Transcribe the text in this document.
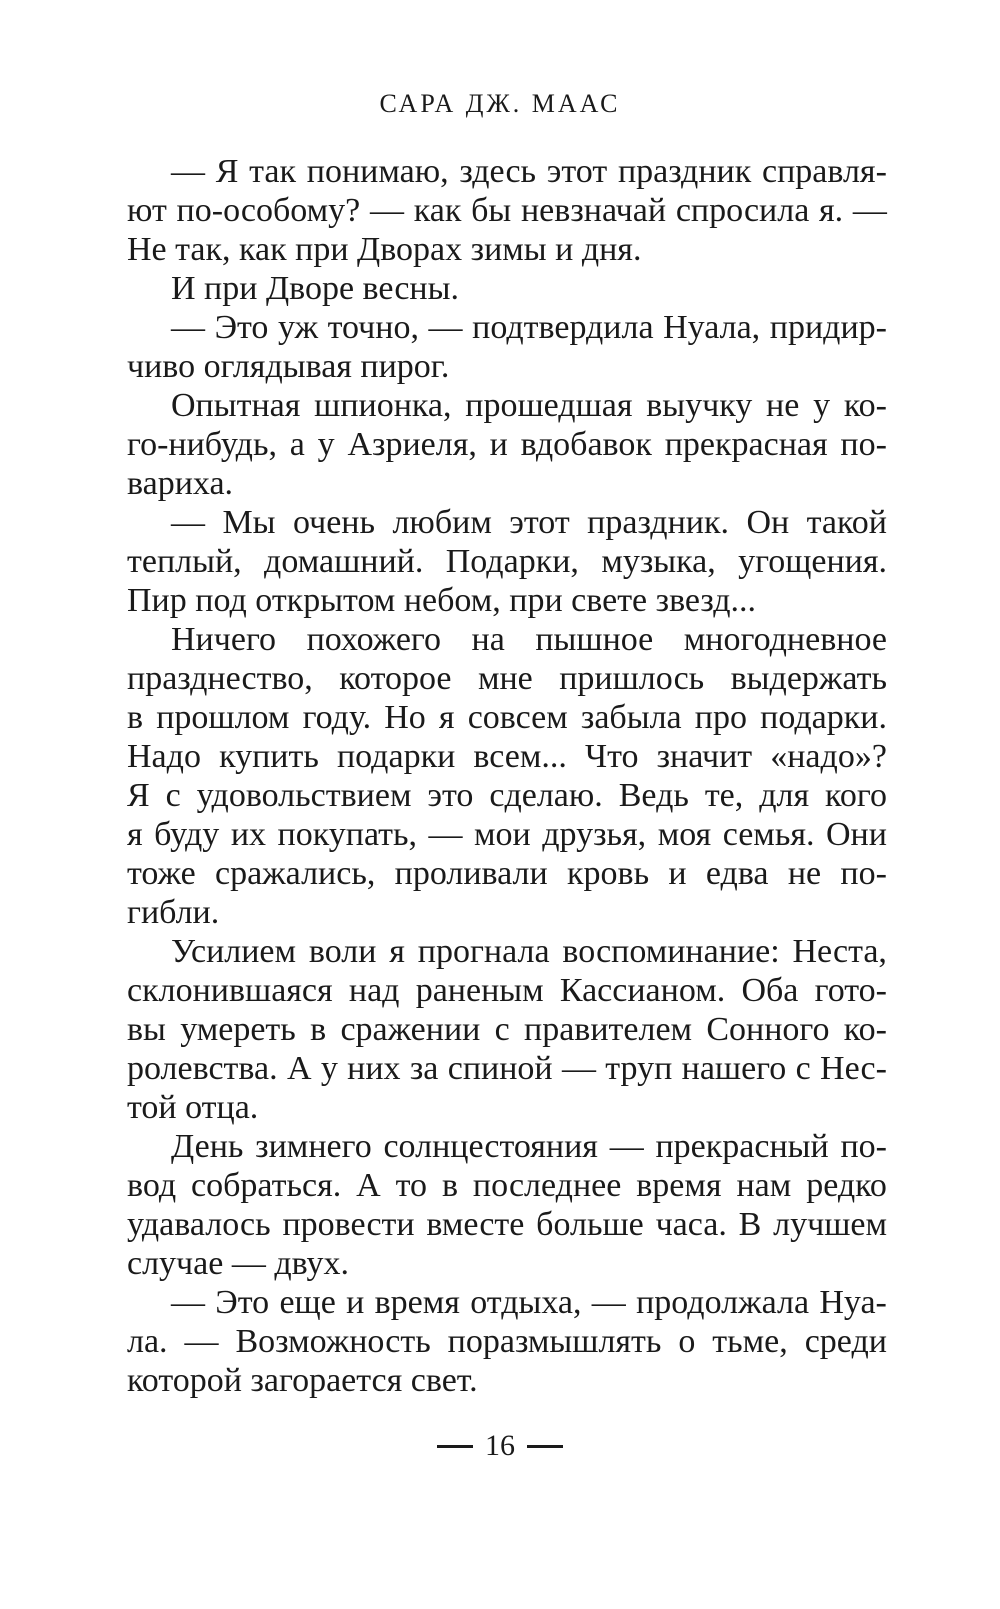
САРА ДЖ. МААС
— Я так понимаю, здесь этот праздник справля-
ют по-особому? — как бы невзначай спросила я. —
Не так, как при Дворах зимы и дня.
И при Дворе весны.
— Это уж точно, — подтвердила Нуала, придир-
чиво оглядывая пирог.
Опытная шпионка, прошедшая выучку не у ко-
го-нибудь, а у Азриеля, и вдобавок прекрасная по-
вариха.
— Мы очень любим этот праздник. Он такой
теплый, домашний. Подарки, музыка, угощения.
Пир под открытом небом, при свете звезд...
Ничего похожего на пышное многодневное
празднество, которое мне пришлось выдержать
в прошлом году. Но я совсем забыла про подарки.
Надо купить подарки всем... Что значит «надо»?
Я с удовольствием это сделаю. Ведь те, для кого
я буду их покупать, — мои друзья, моя семья. Они
тоже сражались, проливали кровь и едва не по-
гибли.
Усилием воли я прогнала воспоминание: Неста,
склонившаяся над раненым Кассианом. Оба гото-
вы умереть в сражении с правителем Сонного ко-
ролевства. А у них за спиной — труп нашего с Нес-
той отца.
День зимнего солнцестояния — прекрасный по-
вод собраться. А то в последнее время нам редко
удавалось провести вместе больше часа. В лучшем
случае — двух.
— Это еще и время отдыха, — продолжала Нуа-
ла. — Возможность поразмышлять о тьме, среди
которой загорается свет.
16
